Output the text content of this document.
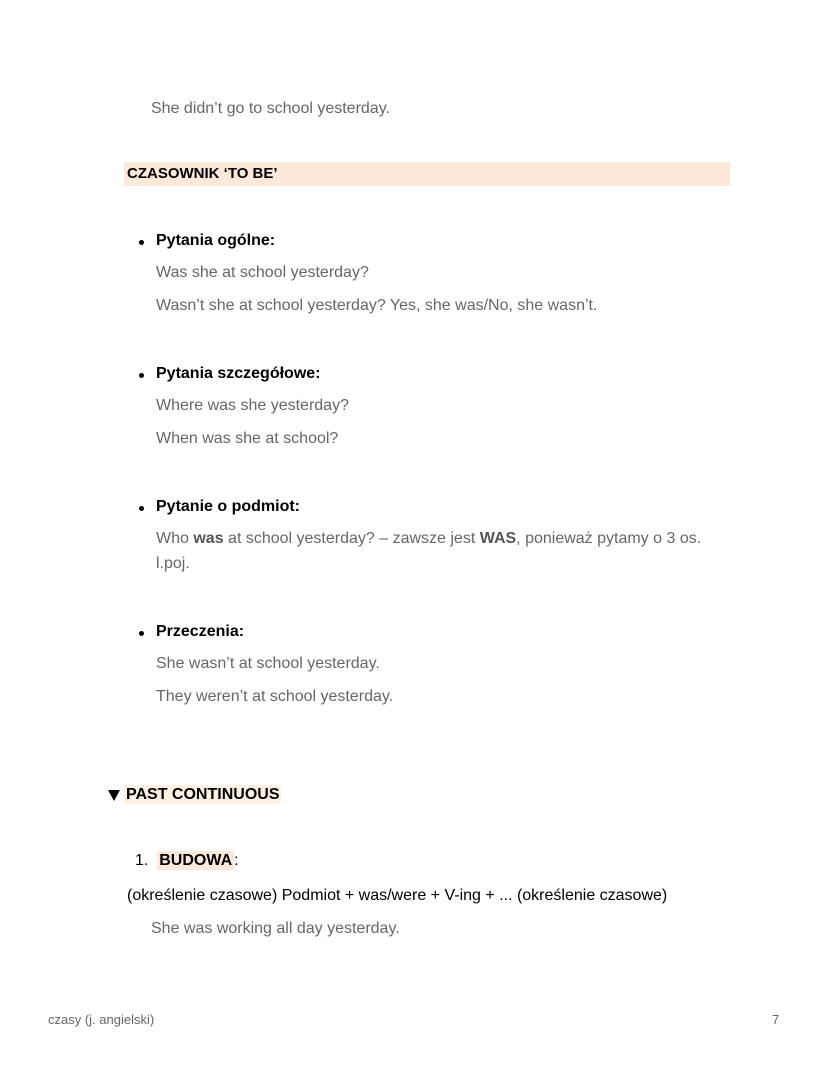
She didn’t go to school yesterday.
CZASOWNIK ‘TO BE’
Pytania ogólne:
Was she at school yesterday?
Wasn’t she at school yesterday? Yes, she was/No, she wasn’t.
Pytania szczegółowe:
Where was she yesterday?
When was she at school?
Pytanie o podmiot:
Who was at school yesterday? – zawsze jest WAS, ponieważ pytamy o 3 os.
l.poj.
Przeczenia:
She wasn’t at school yesterday.
They weren’t at school yesterday.
PAST CONTINUOUS
1. BUDOWA :
(określenie czasowe) Podmiot + was/were + V-ing + ... (określenie czasowe)
She was working all day yesterday.
czasy (j. angielski)	7
